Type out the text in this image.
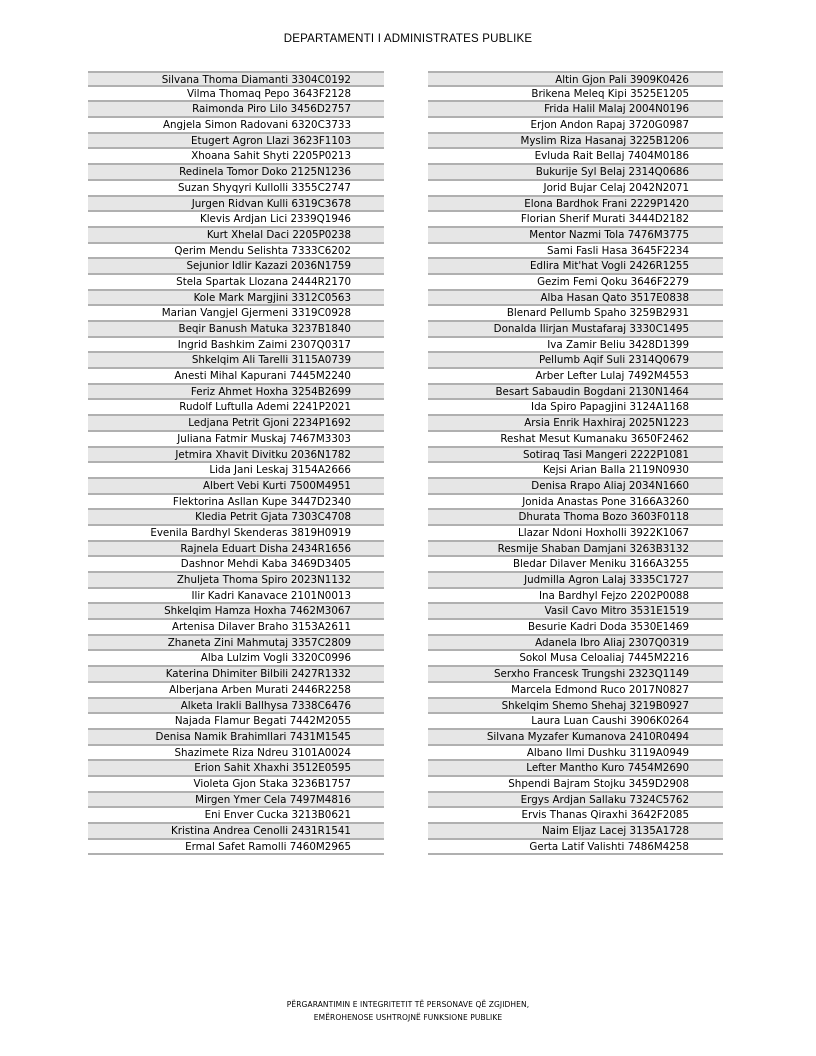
DEPARTAMENTI I ADMINISTRATES PUBLIKE
Silvana Thoma Diamanti 3304C0192
Vilma Thomaq Pepo 3643F2128
Raimonda Piro Lilo 3456D2757
Angjela Simon Radovani 6320C3733
Etugert Agron Llazi 3623F1103
Xhoana Sahit Shyti 2205P0213
Redinela Tomor Doko 2125N1236
Suzan Shyqyri Kullolli 3355C2747
Jurgen Ridvan Kulli 6319C3678
Klevis Ardjan Lici 2339Q1946
Kurt Xhelal Daci 2205P0238
Qerim Mendu Selishta 7333C6202
Sejunior Idlir Kazazi 2036N1759
Stela Spartak Llozana 2444R2170
Kole Mark Margjini 3312C0563
Marian Vangjel Gjermeni 3319C0928
Beqir Banush Matuka 3237B1840
Ingrid Bashkim Zaimi 2307Q0317
Shkelqim Ali Tarelli 3115A0739
Anesti Mihal Kapurani 7445M2240
Feriz Ahmet Hoxha 3254B2699
Rudolf Luftulla Ademi 2241P2021
Ledjana Petrit Gjoni 2234P1692
Juliana Fatmir Muskaj 7467M3303
Jetmira Xhavit Divitku 2036N1782
Lida Jani Leskaj 3154A2666
Albert Vebi Kurti 7500M4951
Flektorina Asllan Kupe 3447D2340
Kledia Petrit Gjata 7303C4708
Evenila Bardhyl Skenderas 3819H0919
Rajnela Eduart Disha 2434R1656
Dashnor Mehdi Kaba 3469D3405
Zhuljeta Thoma Spiro 2023N1132
Ilir Kadri Kanavace 2101N0013
Shkelqim Hamza Hoxha 7462M3067
Artenisa Dilaver Braho 3153A2611
Zhaneta Zini Mahmutaj 3357C2809
Alba Lulzim Vogli 3320C0996
Katerina Dhimiter Bilbili 2427R1332
Alberjana Arben Murati 2446R2258
Alketa Irakli Ballhysa 7338C6476
Najada Flamur Begati 7442M2055
Denisa Namik Brahimllari 7431M1545
Shazimete Riza Ndreu 3101A0024
Erion Sahit Xhaxhi 3512E0595
Violeta Gjon Staka 3236B1757
Mirgen Ymer Cela 7497M4816
Eni Enver Cucka 3213B0621
Kristina Andrea Cenolli 2431R1541
Ermal Safet Ramolli 7460M2965
Altin Gjon Pali 3909K0426
Brikena Meleq Kipi 3525E1205
Frida Halil Malaj 2004N0196
Erjon Andon Rapaj 3720G0987
Myslim Riza Hasanaj 3225B1206
Evluda Rait Bellaj 7404M0186
Bukurije Syl Belaj 2314Q0686
Jorid Bujar Celaj 2042N2071
Elona Bardhok Frani 2229P1420
Florian Sherif Murati 3444D2182
Mentor Nazmi Tola 7476M3775
Sami Fasli Hasa 3645F2234
Edlira Mit'hat Vogli 2426R1255
Gezim Femi Qoku 3646F2279
Alba Hasan Qato 3517E0838
Blenard Pellumb Spaho 3259B2931
Donalda Ilirjan Mustafaraj 3330C1495
Iva Zamir Beliu 3428D1399
Pellumb Aqif Suli 2314Q0679
Arber Lefter Lulaj 7492M4553
Besart Sabaudin Bogdani 2130N1464
Ida Spiro Papagjini 3124A1168
Arsia Enrik Haxhiraj 2025N1223
Reshat Mesut Kumanaku 3650F2462
Sotiraq Tasi Mangeri 2222P1081
Kejsi Arian Balla 2119N0930
Denisa Rrapo Aliaj 2034N1660
Jonida Anastas Pone 3166A3260
Dhurata Thoma Bozo 3603F0118
Llazar Ndoni Hoxholli 3922K1067
Resmije Shaban Damjani 3263B3132
Bledar Dilaver Meniku 3166A3255
Judmilla Agron Lalaj 3335C1727
Ina Bardhyl Fejzo 2202P0088
Vasil Cavo Mitro 3531E1519
Besurie Kadri Doda 3530E1469
Adanela Ibro Aliaj 2307Q0319
Sokol Musa Celoaliaj 7445M2216
Serxho Francesk Trungshi 2323Q1149
Marcela Edmond Ruco 2017N0827
Shkelqim Shemo Shehaj 3219B0927
Laura Luan Caushi 3906K0264
Silvana Myzafer Kumanova 2410R0494
Albano Ilmi Dushku 3119A0949
Lefter Mantho Kuro 7454M2690
Shpendi Bajram Stojku 3459D2908
Ergys Ardjan Sallaku 7324C5762
Ervis Thanas Qiraxhi 3642F2085
Naim Eljaz Lacej 3135A1728
Gerta Latif Valishti 7486M4258
PËRGARANTIMIN E INTEGRITETIT TË PERSONAVE QË ZGJIDHEN,
EMËROHENOSE USHTROJNË FUNKSIONE PUBLIKE
